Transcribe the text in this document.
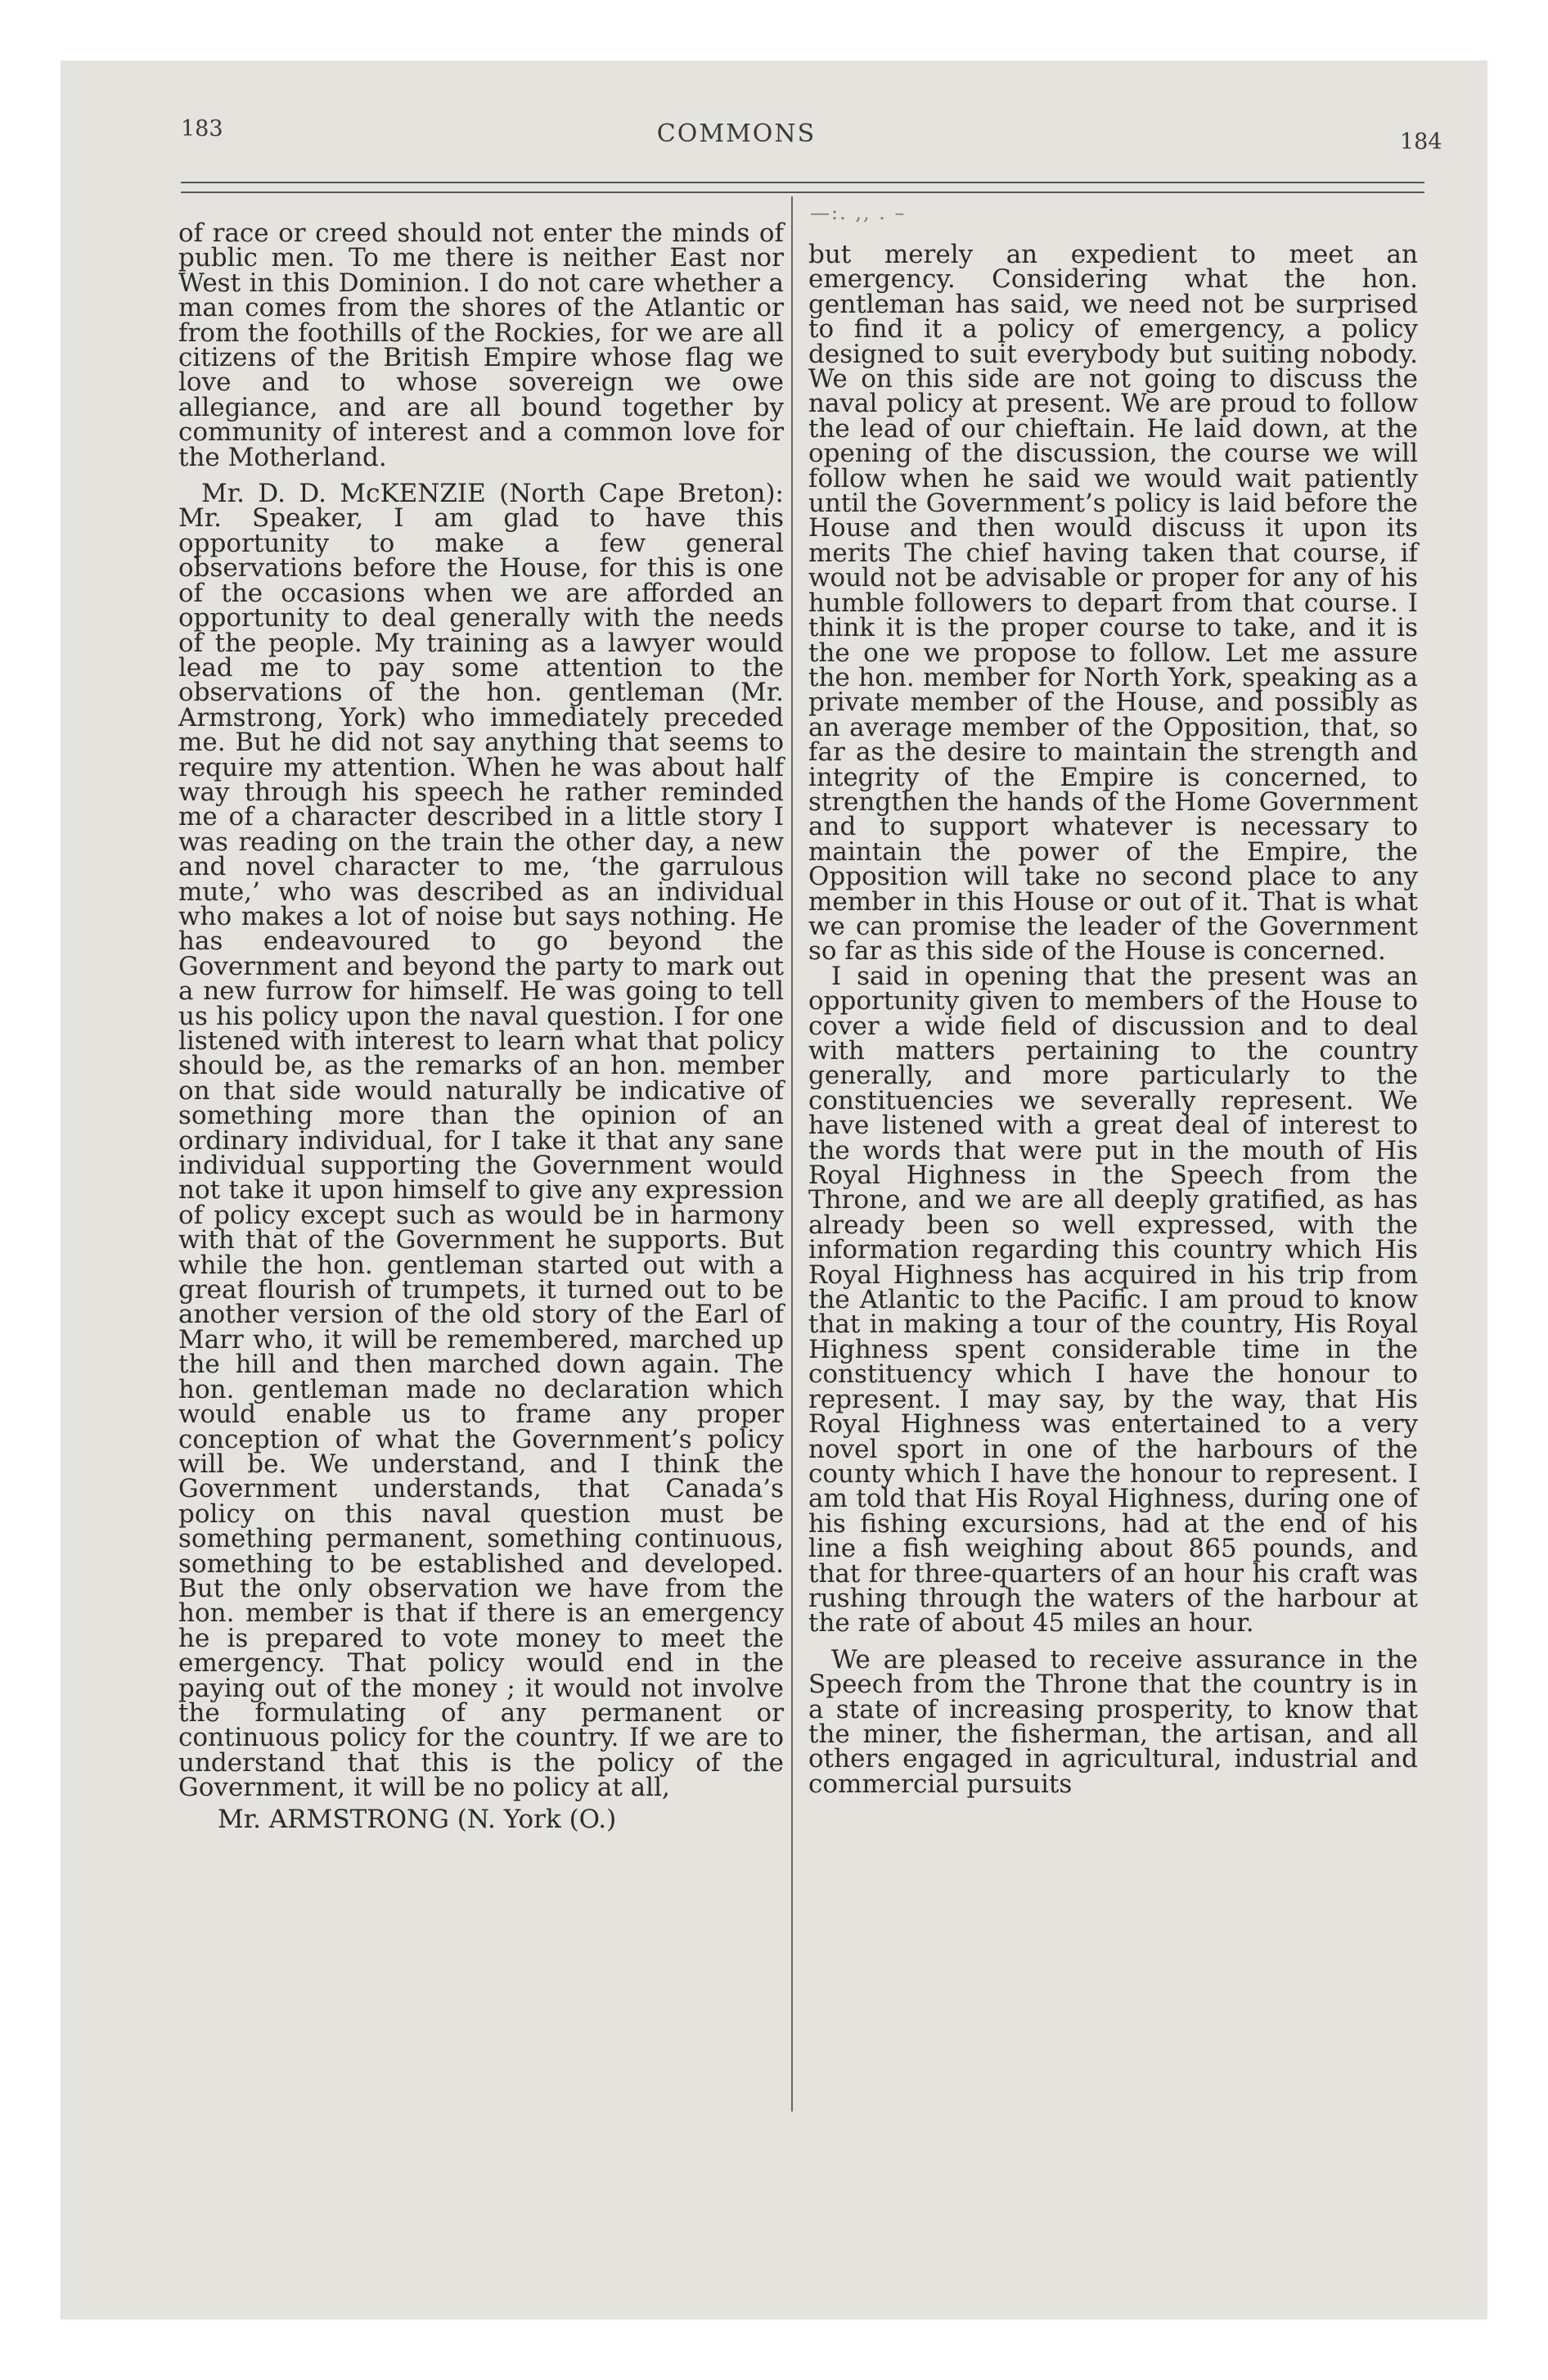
183	COMMONS	184
—:. ,, . –

of race or creed should not enter the minds of public men. To me there is neither East nor West in this Dominion. I do not care whether a man comes from the shores of the Atlantic or from the foothills of the Rockies, for we are all citizens of the British Empire whose flag we love and to whose sovereign we owe allegiance, and are all bound together by community of interest and a common love for the Motherland.

Mr. D. D. McKENZIE (North Cape Breton): Mr. Speaker, I am glad to have this opportunity to make a few general observations before the House, for this is one of the occasions when we are afforded an opportunity to deal generally with the needs of the people. My training as a lawyer would lead me to pay some attention to the observations of the hon. gentleman (Mr. Armstrong, York) who immediately preceded me. But he did not say anything that seems to require my attention. When he was about half way through his speech he rather reminded me of a character described in a little story I was reading on the train the other day, a new and novel character to me, ‘the garrulous mute,’ who was described as an individual who makes a lot of noise but says nothing. He has endeavoured to go beyond the Government and beyond the party to mark out a new furrow for himself. He was going to tell us his policy upon the naval question. I for one listened with interest to learn what that policy should be, as the remarks of an hon. member on that side would naturally be indicative of something more than the opinion of an ordinary individual, for I take it that any sane individual supporting the Government would not take it upon himself to give any expression of policy except such as would be in harmony with that of the Government he supports. But while the hon. gentleman started out with a great flourish of trumpets, it turned out to be another version of the old story of the Earl of Marr who, it will be remembered, marched up the hill and then marched down again. The hon. gentleman made no declaration which would enable us to frame any proper conception of what the Government’s policy will be. We understand, and I think the Government understands, that Canada’s policy on this naval question must be something permanent, something continuous, something to be established and developed. But the only observation we have from the hon. member is that if there is an emergency he is prepared to vote money to meet the emergency. That policy would end in the paying out of the money ; it would not involve the formulating of any permanent or continuous policy for the country. If we are to understand that this is the policy of the Government, it will be no policy at all,

Mr. ARMSTRONG (N. York (O.)

but merely an expedient to meet an emergency. Considering what the hon. gentleman has said, we need not be surprised to find it a policy of emergency, a policy designed to suit everybody but suiting nobody. We on this side are not going to discuss the naval policy at present. We are proud to follow the lead of our chieftain. He laid down, at the opening of the discussion, the course we will follow when he said we would wait patiently until the Government’s policy is laid before the House and then would discuss it upon its merits The chief having taken that course, if would not be advisable or proper for any of his humble followers to depart from that course. I think it is the proper course to take, and it is the one we propose to follow. Let me assure the hon. member for North York, speaking as a private member of the House, and possibly as an average member of the Opposition, that, so far as the desire to maintain the strength and integrity of the Empire is concerned, to strengthen the hands of the Home Government and to support whatever is necessary to maintain the power of the Empire, the Opposition will take no second place to any member in this House or out of it. That is what we can promise the leader of the Government so far as this side of the House is concerned.

I said in opening that the present was an opportunity given to members of the House to cover a wide field of discussion and to deal with matters pertaining to the country generally, and more particularly to the constituencies we severally represent. We have listened with a great deal of interest to the words that were put in the mouth of His Royal Highness in the Speech from the Throne, and we are all deeply gratified, as has already been so well expressed, with the information regarding this country which His Royal Highness has acquired in his trip from the Atlantic to the Pacific. I am proud to know that in making a tour of the country, His Royal Highness spent considerable time in the constituency which I have the honour to represent. I may say, by the way, that His Royal Highness was entertained to a very novel sport in one of the harbours of the county which I have the honour to represent. I am told that His Royal Highness, during one of his fishing excursions, had at the end of his line a fish weighing about 865 pounds, and that for three-quarters of an hour his craft was rushing through the waters of the harbour at the rate of about 45 miles an hour.

We are pleased to receive assurance in the Speech from the Throne that the country is in a state of increasing prosperity, to know that the miner, the fisherman, the artisan, and all others engaged in agricultural, industrial and commercial pursuits
